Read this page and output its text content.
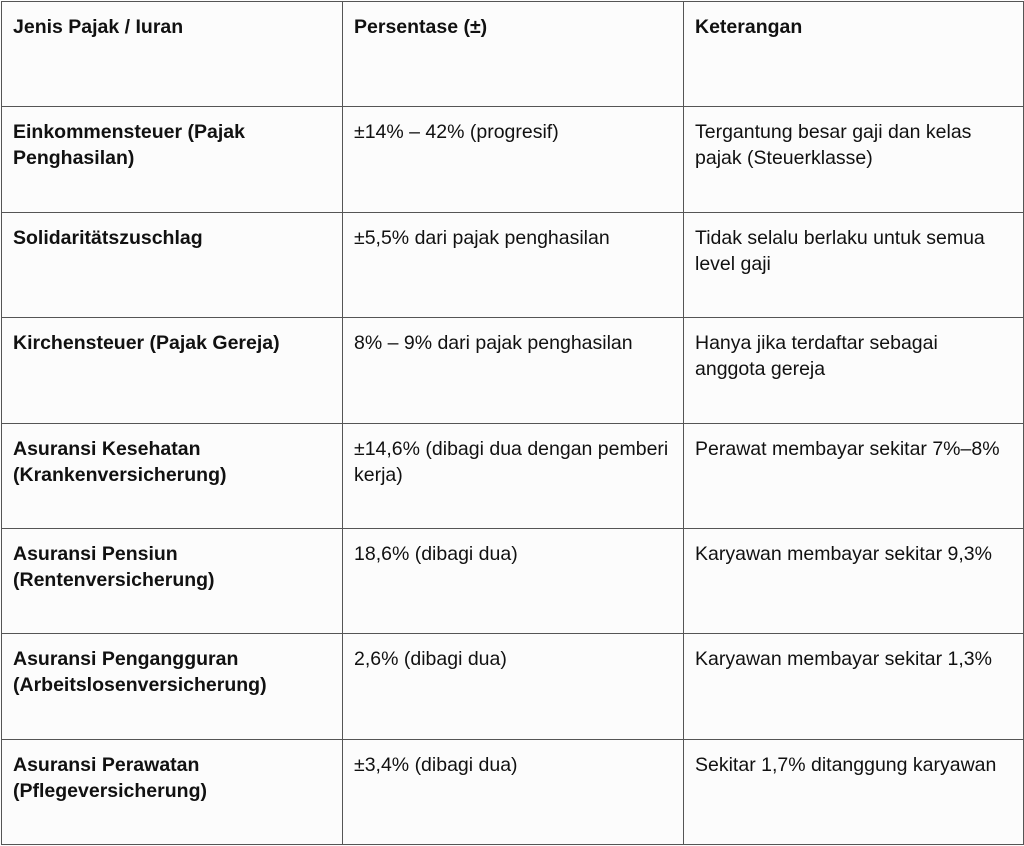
Jenis Pajak / Iuran	Persentase (±)	Keterangan
Einkommensteuer (Pajak Penghasilan)	±14% – 42% (progresif)	Tergantung besar gaji dan kelas pajak (Steuerklasse)
Solidaritätszuschlag	±5,5% dari pajak penghasilan	Tidak selalu berlaku untuk semua level gaji
Kirchensteuer (Pajak Gereja)	8% – 9% dari pajak penghasilan	Hanya jika terdaftar sebagai anggota gereja
Asuransi Kesehatan (Krankenversicherung)	±14,6% (dibagi dua dengan pemberi kerja)	Perawat membayar sekitar 7%–8%
Asuransi Pensiun (Rentenversicherung)	18,6% (dibagi dua)	Karyawan membayar sekitar 9,3%
Asuransi Pengangguran (Arbeitslosenversicherung)	2,6% (dibagi dua)	Karyawan membayar sekitar 1,3%
Asuransi Perawatan (Pflegeversicherung)	±3,4% (dibagi dua)	Sekitar 1,7% ditanggung karyawan
